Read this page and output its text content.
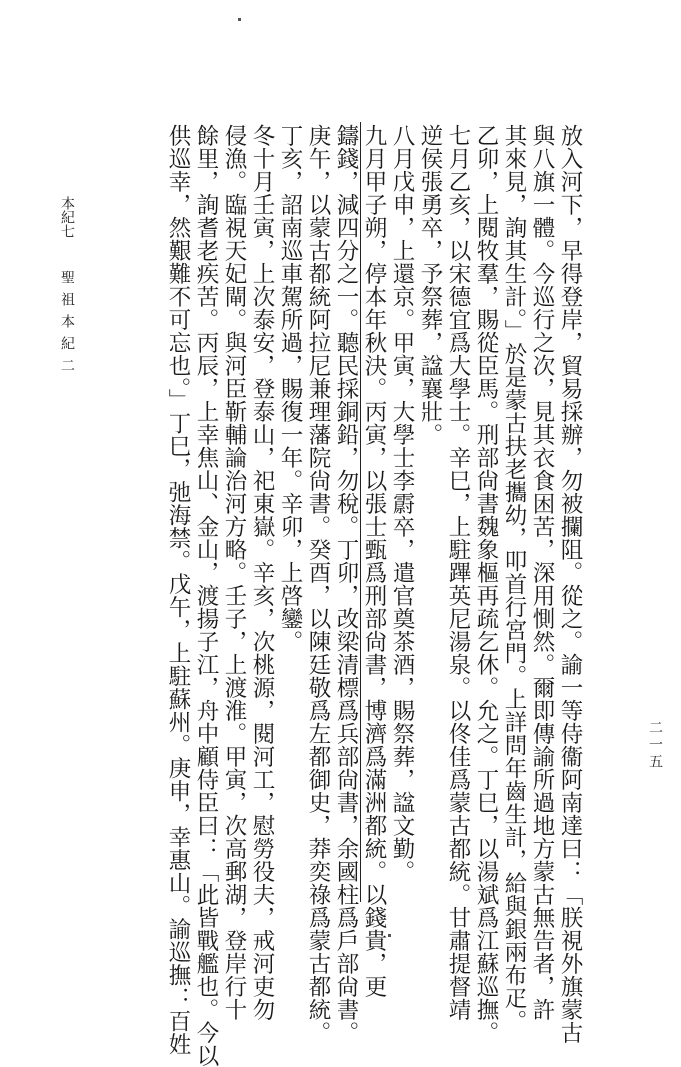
本紀七
聖祖本紀二	放入河下，早得登岸，貿易採辦，勿被攔阻。從之。諭一等侍衞阿南達曰：「朕視外旗蒙古
與八旗一體。今巡行之次，見其衣食困苦，深用惻然。爾即傳諭所過地方蒙古無告者，許
其來見，詢其生計。」於是蒙古扶老攜幼，叩首行宮門。上詳問年齒生計，給與銀兩布疋。
乙卯，上閱牧羣，賜從臣馬。刑部尙書魏象樞再疏乞休。允之。丁巳，以湯斌爲江蘇巡撫。
七月乙亥，以宋德宜爲大學士。辛巳，上駐蹕英尼湯泉。以佟佳爲蒙古都統。甘肅提督靖
逆侯張勇卒，予祭葬，諡襄壯。
八月戊申，上還京。甲寅，大學士李霨卒，遣官奠茶酒，賜祭葬，諡文勤。
九月甲子朔，停本年秋決。丙寅，以張士甄爲刑部尙書，博濟爲滿洲都統。以錢貴，更
鑄錢，減四分之一。聽民採銅鉛，勿稅。丁卯，改梁清標爲兵部尙書，余國柱爲戶部尙書。
庚午，以蒙古都統阿拉尼兼理藩院尙書。癸酉，以陳廷敬爲左都御史，莽奕祿爲蒙古都統。
丁亥，詔南巡車駕所過，賜復一年。辛卯，上啓鑾。
冬十月壬寅，上次泰安，登泰山，祀東嶽。辛亥，次桃源，閱河工，慰勞役夫，戒河吏勿
侵漁。臨視天妃閘。與河臣靳輔論治河方略。壬子，上渡淮。甲寅，次高郵湖，登岸行十
餘里，詢耆老疾苦。丙辰，上幸焦山、金山，渡揚子江，舟中顧侍臣曰：「此皆戰艦也。今以
供巡幸，然艱難不可忘也。」丁巳，弛海禁。戊午，上駐蘇州。庚申，幸惠山。諭巡撫：百姓	二一五
